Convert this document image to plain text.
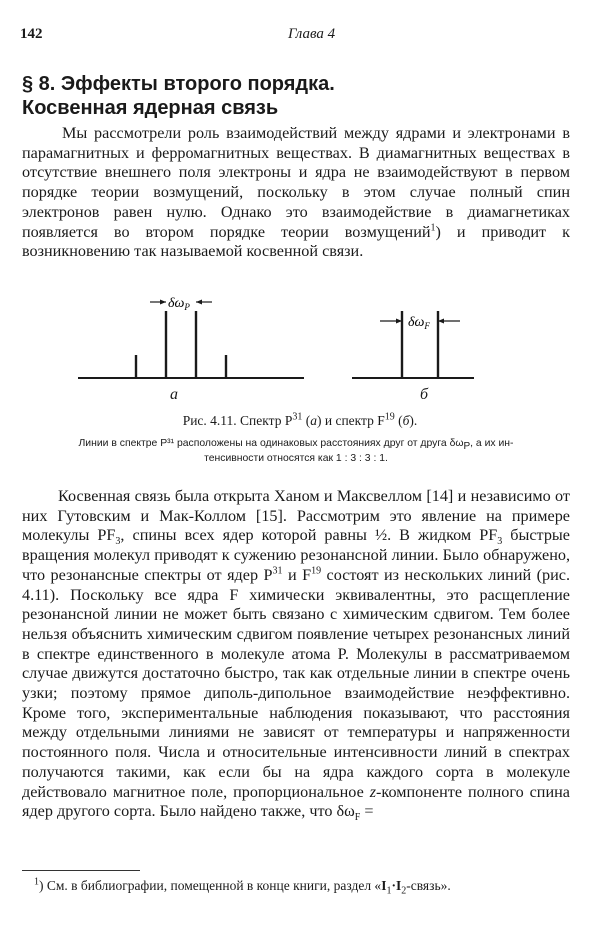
142	Глава 4
§ 8. Эффекты второго порядка.
Косвенная ядерная связь
Мы рассмотрели роль взаимодействий между ядрами и электронами в парамагнитных и ферромагнитных веществах. В диамагнитных веществах в отсутствие внешнего поля электроны и ядра не взаимодействуют в первом порядке теории возмущений, поскольку в этом случае полный спин электронов равен нулю. Однако это взаимодействие в диамагнетиках появляется во втором порядке теории возмущений$^1$) и приводит к возникновению так называемой косвенной связи.
$\delta\omega_P$
$\delta\omega_F$
а	б
Рис. 4.11. Спектр $P^{31}$ (а) и спектр $F^{19}$ (б).
Линии в спектре P³¹ расположены на одинаковых расстояниях друг от друга $\delta\omega_P$, а их ин-
тенсивности относятся как 1 : 3 : 3 : 1.
Косвенная связь была открыта Ханом и Максвеллом [14] и независимо от них Гутовским и Мак-Коллом [15]. Рассмотрим это явление на примере молекулы $PF_3$, спины всех ядер которой равны ½. В жидком $PF_3$ быстрые вращения молекул приводят к сужению резонансной линии. Было обнаружено, что резонансные спектры от ядер $P^{31}$ и $F^{19}$ состоят из нескольких линий (рис. 4.11). Поскольку все ядра F химически эквивалентны, это расщепление резонансной линии не может быть связано с химическим сдвигом. Тем более нельзя объяснить химическим сдвигом появление четырех резонансных линий в спектре единственного в молекуле атома P. Молекулы в рассматриваемом случае движутся достаточно быстро, так как отдельные линии в спектре очень узки; поэтому прямое диполь-дипольное взаимодействие неэффективно. Кроме того, экспериментальные наблюдения показывают, что расстояния между отдельными линиями не зависят от температуры и напряженности постоянного поля. Числа и относительные интенсивности линий в спектрах получаются такими, как если бы на ядра каждого сорта в молекуле действовало магнитное поле, пропорциональное z-компоненте полного спина ядер другого сорта. Было найдено также, что $\delta\omega_F$ =
$^1$) См. в библиографии, помещенной в конце книги, раздел «$I_1\cdot I_2$-связь».
